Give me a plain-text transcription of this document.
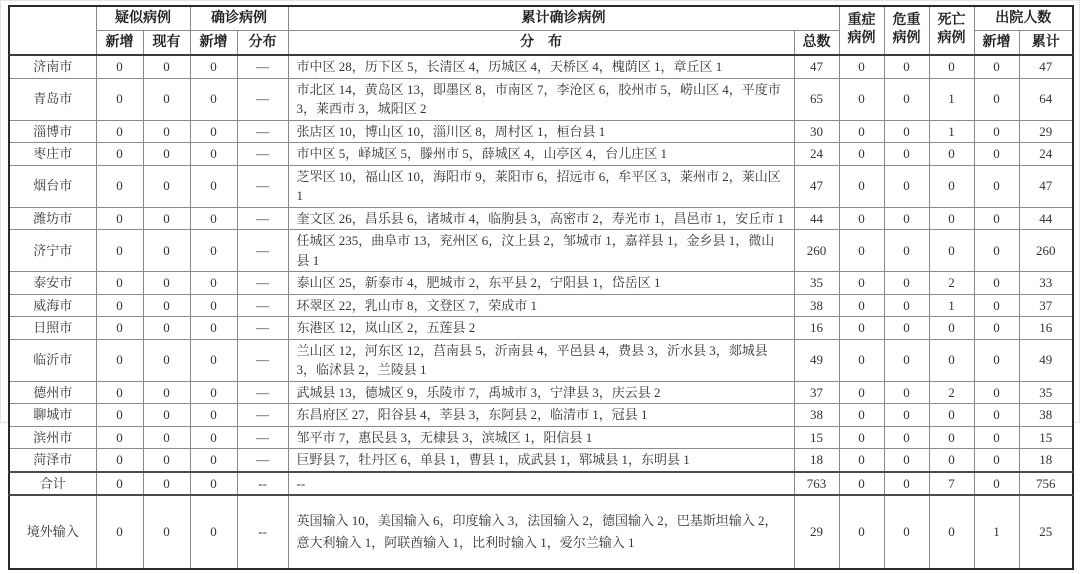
	疑似病例		确诊病例		累计确诊病例		重症病例	危重病例	死亡病例	出院人数	
	新增	现有	新增	分布	分　布	总数				新增	累计
济南市	0	0	0	—	市中区 28，历下区 5，长清区 4，历城区 4，天桥区 4，槐荫区 1，章丘区 1	47	0	0	0	0	47
青岛市	0	0	0	—	市北区 14，黄岛区 13，即墨区 8，市南区 7，李沧区 6，胶州市 5，崂山区 4，平度市 3，莱西市 3，城阳区 2	65	0	0	1	0	64
淄博市	0	0	0	—	张店区 10，博山区 10，淄川区 8，周村区 1，桓台县 1	30	0	0	1	0	29
枣庄市	0	0	0	—	市中区 5，峄城区 5，滕州市 5，薛城区 4，山亭区 4，台儿庄区 1	24	0	0	0	0	24
烟台市	0	0	0	—	芝罘区 10，福山区 10，海阳市 9，莱阳市 6，招远市 6，牟平区 3，莱州市 2，莱山区 1	47	0	0	0	0	47
潍坊市	0	0	0	—	奎文区 26，昌乐县 6，诸城市 4，临朐县 3，高密市 2，寿光市 1，昌邑市 1，安丘市 1	44	0	0	0	0	44
济宁市	0	0	0	—	任城区 235，曲阜市 13，兖州区 6，汶上县 2，邹城市 1，嘉祥县 1，金乡县 1，微山县 1	260	0	0	0	0	260
泰安市	0	0	0	—	泰山区 25，新泰市 4，肥城市 2，东平县 2，宁阳县 1，岱岳区 1	35	0	0	2	0	33
威海市	0	0	0	—	环翠区 22，乳山市 8，文登区 7，荣成市 1	38	0	0	1	0	37
日照市	0	0	0	—	东港区 12，岚山区 2，五莲县 2	16	0	0	0	0	16
临沂市	0	0	0	—	兰山区 12，河东区 12，莒南县 5，沂南县 4，平邑县 4，费县 3，沂水县 3，郯城县 3，临沭县 2，兰陵县 1	49	0	0	0	0	49
德州市	0	0	0	—	武城县 13，德城区 9，乐陵市 7，禹城市 3，宁津县 3，庆云县 2	37	0	0	2	0	35
聊城市	0	0	0	—	东昌府区 27，阳谷县 4，莘县 3，东阿县 2，临清市 1，冠县 1	38	0	0	0	0	38
滨州市	0	0	0	—	邹平市 7，惠民县 3，无棣县 3，滨城区 1，阳信县 1	15	0	0	0	0	15
菏泽市	0	0	0	—	巨野县 7，牡丹区 6，单县 1，曹县 1，成武县 1，郓城县 1，东明县 1	18	0	0	0	0	18
合计	0	0	0	--	--	763	0	0	7	0	756
境外输入	0	0	0	--	英国输入 10，美国输入 6，印度输入 3，法国输入 2，德国输入 2，巴基斯坦输入 2，意大利输入 1，阿联酋输入 1，比利时输入 1，爱尔兰输入 1	29	0	0	0	1	25
